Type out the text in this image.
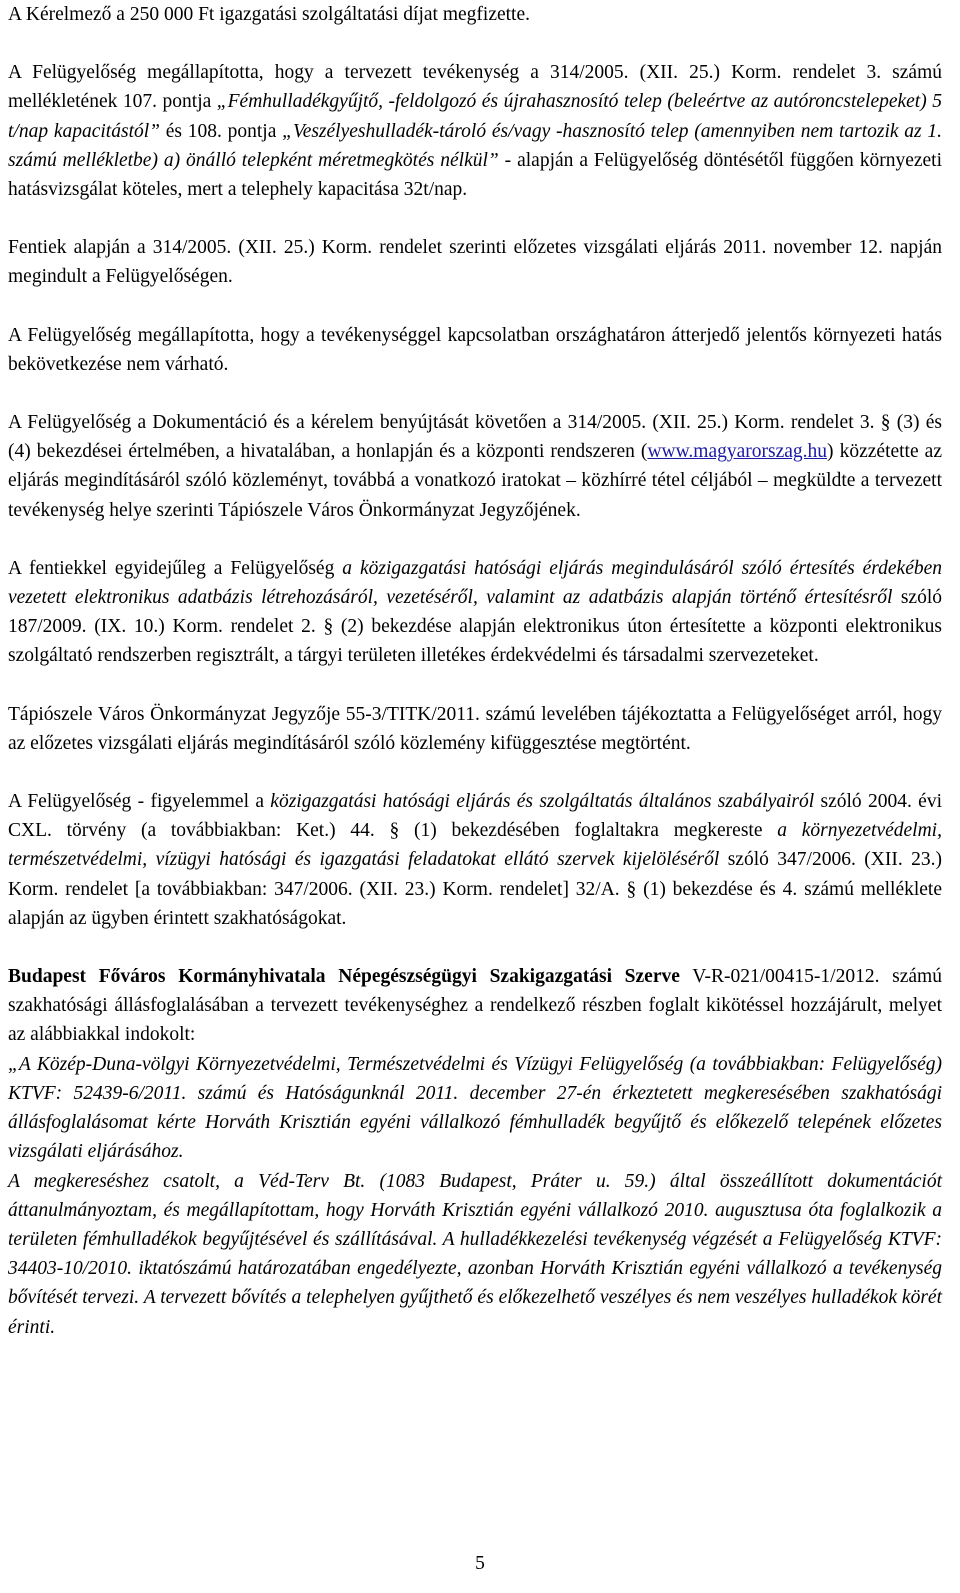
A Kérelmező a 250 000 Ft igazgatási szolgáltatási díjat megfizette.

A Felügyelőség megállapította, hogy a tervezett tevékenység a 314/2005. (XII. 25.) Korm. rendelet 3. számú mellékletének 107. pontja „Fémhulladékgyűjtő, -feldolgozó és újrahasznosító telep (beleértve az autóroncstelepeket) 5 t/nap kapacitástól” és 108. pontja „Veszélyeshulladék-tároló és/vagy -hasznosító telep (amennyiben nem tartozik az 1. számú mellékletbe) a) önálló telepként méretmegkötés nélkül” - alapján a Felügyelőség döntésétől függően környezeti hatásvizsgálat köteles, mert a telephely kapacitása 32t/nap.

Fentiek alapján a 314/2005. (XII. 25.) Korm. rendelet szerinti előzetes vizsgálati eljárás 2011. november 12. napján megindult a Felügyelőségen.

A Felügyelőség megállapította, hogy a tevékenységgel kapcsolatban országhatáron átterjedő jelentős környezeti hatás bekövetkezése nem várható.

A Felügyelőség a Dokumentáció és a kérelem benyújtását követően a 314/2005. (XII. 25.) Korm. rendelet 3. § (3) és (4) bekezdései értelmében, a hivatalában, a honlapján és a központi rendszeren (www.magyarorszag.hu) közzétette az eljárás megindításáról szóló közleményt, továbbá a vonatkozó iratokat – közhírré tétel céljából – megküldte a tervezett tevékenység helye szerinti Tápiószele Város Önkormányzat Jegyzőjének.

A fentiekkel egyidejűleg a Felügyelőség a közigazgatási hatósági eljárás megindulásáról szóló értesítés érdekében vezetett elektronikus adatbázis létrehozásáról, vezetéséről, valamint az adatbázis alapján történő értesítésről szóló 187/2009. (IX. 10.) Korm. rendelet 2. § (2) bekezdése alapján elektronikus úton értesítette a központi elektronikus szolgáltató rendszerben regisztrált, a tárgyi területen illetékes érdekvédelmi és társadalmi szervezeteket.

Tápiószele Város Önkormányzat Jegyzője 55-3/TITK/2011. számú levelében tájékoztatta a Felügyelőséget arról, hogy az előzetes vizsgálati eljárás megindításáról szóló közlemény kifüggesztése megtörtént.

A Felügyelőség - figyelemmel a közigazgatási hatósági eljárás és szolgáltatás általános szabályairól szóló 2004. évi CXL. törvény (a továbbiakban: Ket.) 44. § (1) bekezdésében foglaltakra megkereste a környezetvédelmi, természetvédelmi, vízügyi hatósági és igazgatási feladatokat ellátó szervek kijelöléséről szóló 347/2006. (XII. 23.) Korm. rendelet [a továbbiakban: 347/2006. (XII. 23.) Korm. rendelet] 32/A. § (1) bekezdése és 4. számú melléklete alapján az ügyben érintett szakhatóságokat.

Budapest Főváros Kormányhivatala Népegészségügyi Szakigazgatási Szerve V-R-021/00415-1/2012. számú szakhatósági állásfoglalásában a tervezett tevékenységhez a rendelkező részben foglalt kikötéssel hozzájárult, melyet az alábbiakkal indokolt:

„A Közép-Duna-völgyi Környezetvédelmi, Természetvédelmi és Vízügyi Felügyelőség (a továbbiakban: Felügyelőség) KTVF: 52439-6/2011. számú és Hatóságunknál 2011. december 27-én érkeztetett megkeresésében szakhatósági állásfoglalásomat kérte Horváth Krisztián egyéni vállalkozó fémhulladék begyűjtő és előkezelő telepének előzetes vizsgálati eljárásához.

A megkereséshez csatolt, a Véd-Terv Bt. (1083 Budapest, Práter u. 59.) által összeállított dokumentációt áttanulmányoztam, és megállapítottam, hogy Horváth Krisztián egyéni vállalkozó 2010. augusztusa óta foglalkozik a területen fémhulladékok begyűjtésével és szállításával. A hulladékkezelési tevékenység végzését a Felügyelőség KTVF: 34403-10/2010. iktatószámú határozatában engedélyezte, azonban Horváth Krisztián egyéni vállalkozó a tevékenység bővítését tervezi. A tervezett bővítés a telephelyen gyűjthető és előkezelhető veszélyes és nem veszélyes hulladékok körét érinti.

5
